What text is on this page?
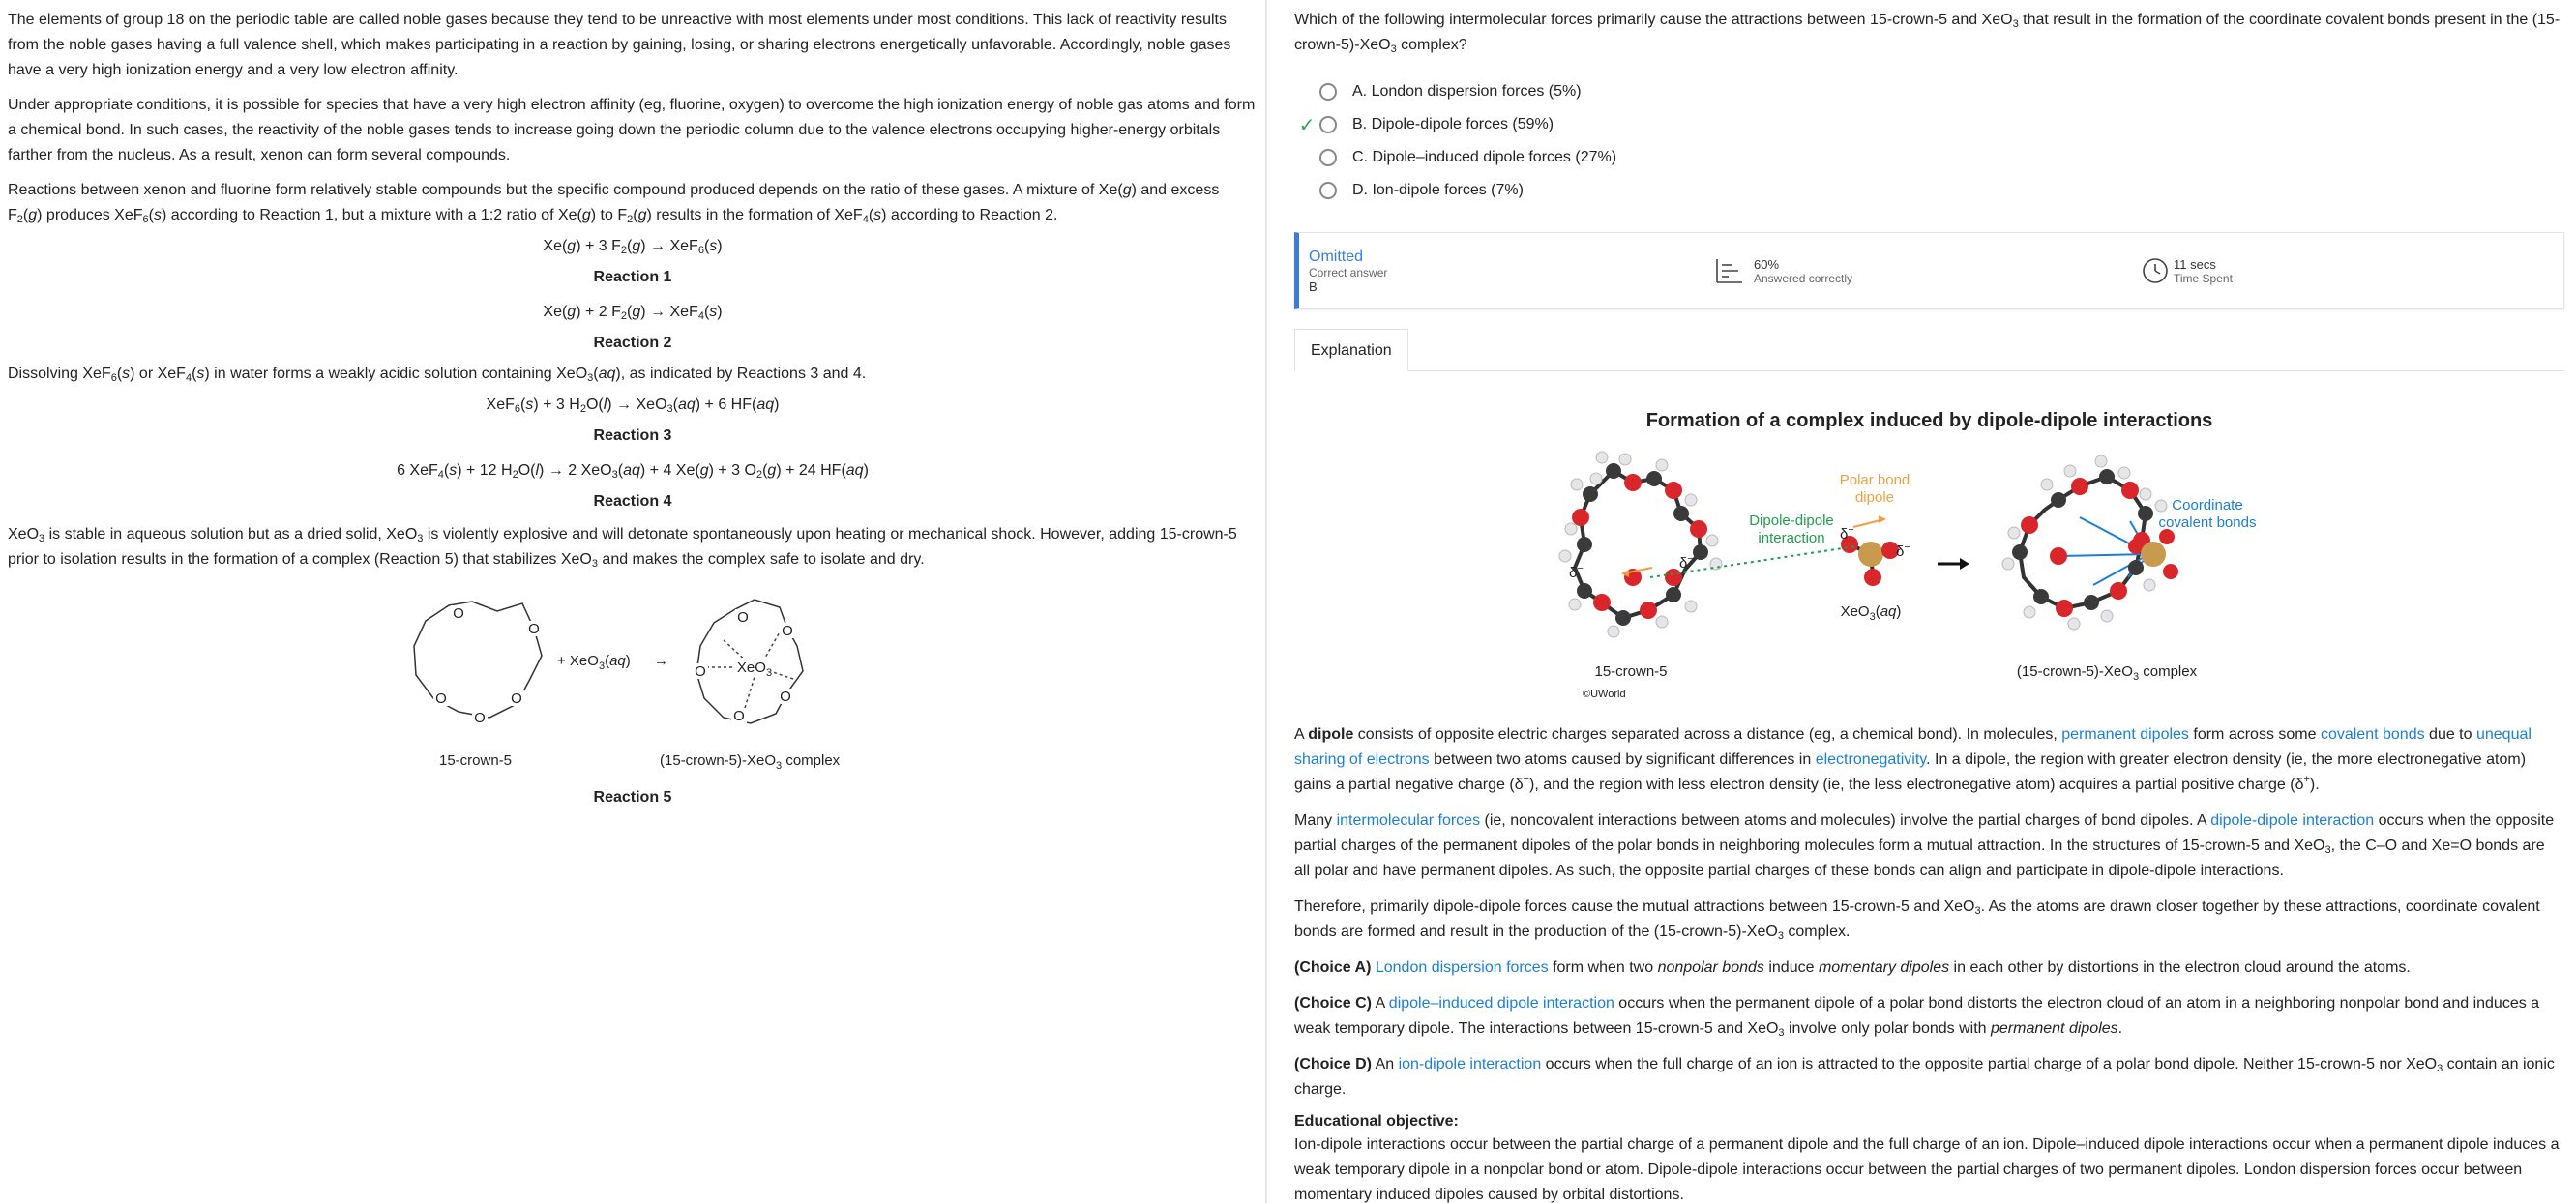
The elements of group 18 on the periodic table are called noble gases because they tend to be unreactive with most elements under most conditions. This lack of reactivity results from the noble gases having a full valence shell, which makes participating in a reaction by gaining, losing, or sharing electrons energetically unfavorable. Accordingly, noble gases have a very high ionization energy and a very low electron affinity.

Under appropriate conditions, it is possible for species that have a very high electron affinity (eg, fluorine, oxygen) to overcome the high ionization energy of noble gas atoms and form a chemical bond. In such cases, the reactivity of the noble gases tends to increase going down the periodic column due to the valence electrons occupying higher-energy orbitals farther from the nucleus. As a result, xenon can form several compounds.

Reactions between xenon and fluorine form relatively stable compounds but the specific compound produced depends on the ratio of these gases. A mixture of Xe(g) and excess $F_2(g)$ produces XeF$_6$(s) according to Reaction 1, but a mixture with a 1:2 ratio of Xe(g) to $F_2(g)$ results in the formation of XeF$_4$(s) according to Reaction 2.

Xe(g) + 3 $F_2(g) \to XeF_6(s)$
Reaction 1
Xe(g) + 2 $F_2(g) \to XeF_4(s)$
Reaction 2

Dissolving XeF$_6$(s) or XeF$_4$(s) in water forms a weakly acidic solution containing XeO$_3$(aq), as indicated by Reactions 3 and 4.

XeF$_6$(s) + 3 $H_2O(l) \to XeO_3(aq) + 6$ HF(aq)
Reaction 3
6 XeF$_4$(s) + 12 $H_2O(l) \to 2$ XeO$_3$(aq) + 4 Xe(g) + 3 $O_2(g) + 24$ HF(aq)
Reaction 4

XeO$_3$ is stable in aqueous solution but as a dried solid, XeO$_3$ is violently explosive and will detonate spontaneously upon heating or mechanical shock. However, adding 15-crown-5 prior to isolation results in the formation of a complex (Reaction 5) that stabilizes XeO$_3$ and makes the complex safe to isolate and dry.

O
O
O
O
O
O
O
O
O
O
XeO$_3$
+ XeO$_3$(aq) →
15-crown-5	(15-crown-5)-XeO$_3$ complex
Reaction 5

Which of the following intermolecular forces primarily cause the attractions between 15-crown-5 and XeO$_3$ that result in the formation of the coordinate covalent bonds present in the (15-crown-5)-XeO$_3$ complex?

A. London dispersion forces (5%)
✓ B. Dipole-dipole forces (59%)
C. Dipole–induced dipole forces (27%)
D. Ion-dipole forces (7%)
Omitted
Correct answer
B
60%
Answered correctly
11 secs
Time Spent
Explanation
Formation of a complex induced by dipole-dipole interactions
Polar bond
dipole
Dipole-dipole
interaction
Coordinate
covalent bonds
δ+
δ−
δ−	δ−
XeO$_3$(aq)
15-crown-5	(15-crown-5)-XeO$_3$ complex
©UWorld

A dipole consists of opposite electric charges separated across a distance (eg, a chemical bond). In molecules, permanent dipoles form across some covalent bonds due to unequal sharing of electrons between two atoms caused by significant differences in electronegativity. In a dipole, the region with greater electron density (ie, the more electronegative atom) gains a partial negative charge (δ−), and the region with less electron density (ie, the less electronegative atom) acquires a partial positive charge (δ+).

Many intermolecular forces (ie, noncovalent interactions between atoms and molecules) involve the partial charges of bond dipoles. A dipole-dipole interaction occurs when the opposite partial charges of the permanent dipoles of the polar bonds in neighboring molecules form a mutual attraction. In the structures of 15-crown-5 and XeO$_3$, the C–O and Xe=O bonds are all polar and have permanent dipoles. As such, the opposite partial charges of these bonds can align and participate in dipole-dipole interactions.

Therefore, primarily dipole-dipole forces cause the mutual attractions between 15-crown-5 and XeO$_3$. As the atoms are drawn closer together by these attractions, coordinate covalent bonds are formed and result in the production of the (15-crown-5)-XeO$_3$ complex.

(Choice A) London dispersion forces form when two nonpolar bonds induce momentary dipoles in each other by distortions in the electron cloud around the atoms.

(Choice C) A dipole–induced dipole interaction occurs when the permanent dipole of a polar bond distorts the electron cloud of an atom in a neighboring nonpolar bond and induces a weak temporary dipole. The interactions between 15-crown-5 and XeO$_3$ involve only polar bonds with permanent dipoles.

(Choice D) An ion-dipole interaction occurs when the full charge of an ion is attracted to the opposite partial charge of a polar bond dipole. Neither 15-crown-5 nor XeO$_3$ contain an ionic charge.

Educational objective:

Ion-dipole interactions occur between the partial charge of a permanent dipole and the full charge of an ion. Dipole–induced dipole interactions occur when a permanent dipole induces a weak temporary dipole in a nonpolar bond or atom. Dipole-dipole interactions occur between the partial charges of two permanent dipoles. London dispersion forces occur between momentary induced dipoles caused by orbital distortions.
